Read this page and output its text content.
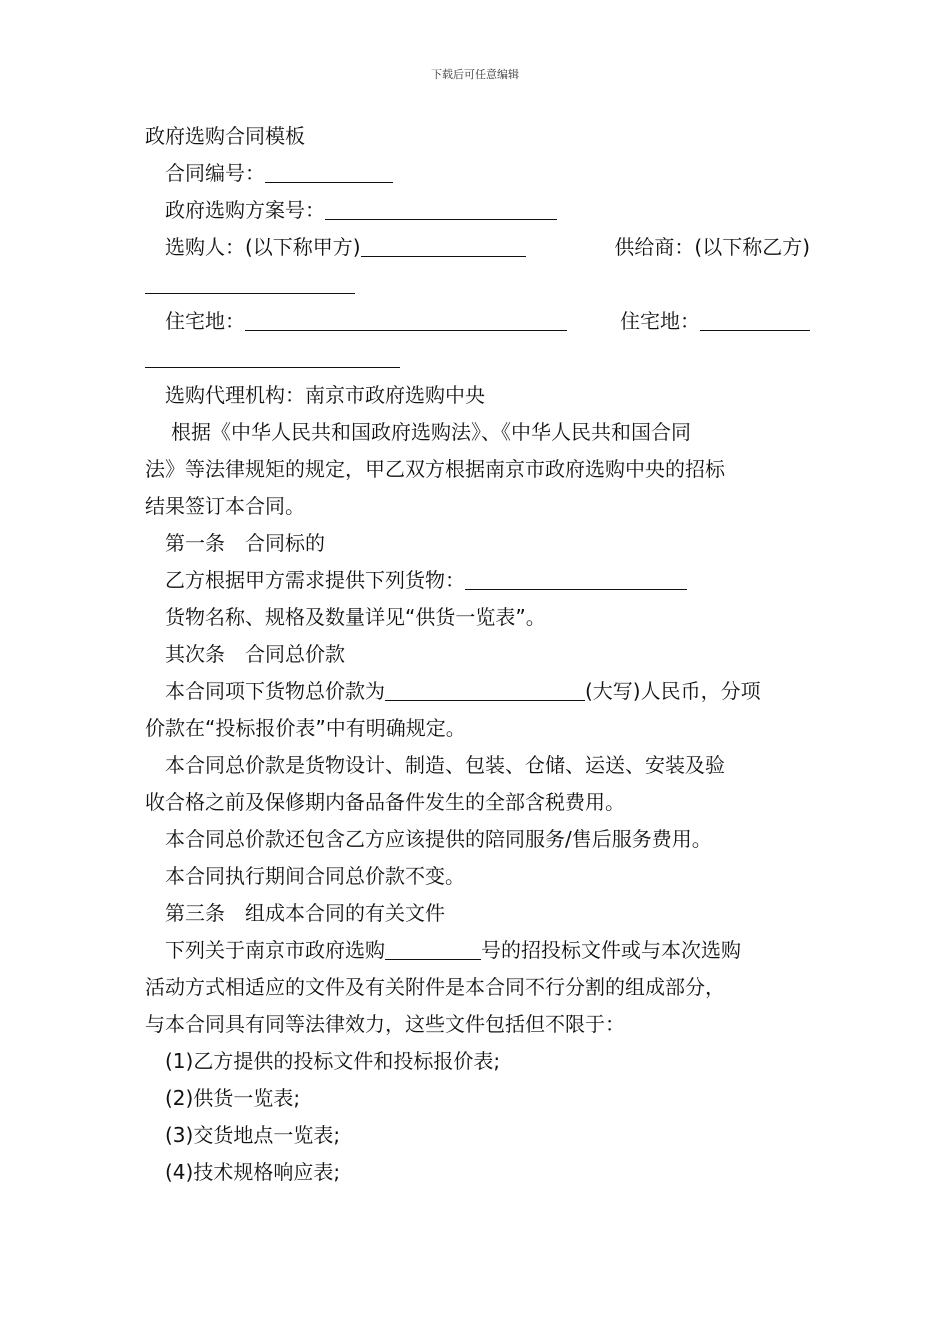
下载后可任意编辑
政府选购合同模板
合同编号：
政府选购方案号：
选购人：(以下称甲方)	供给商：(以下称乙方)
住宅地：	住宅地：
选购代理机构：南京市政府选购中央
根据《中华人民共和国政府选购法》、《中华人民共和国合同
法》等法律规矩的规定，甲乙双方根据南京市政府选购中央的招标
结果签订本合同。
第一条　合同标的
乙方根据甲方需求提供下列货物：
货物名称、规格及数量详见“供货一览表”。
其次条　合同总价款
本合同项下货物总价款为	(大写)人民币，分项
价款在“投标报价表”中有明确规定。
本合同总价款是货物设计、制造、包装、仓储、运送、安装及验
收合格之前及保修期内备品备件发生的全部含税费用。
本合同总价款还包含乙方应该提供的陪同服务/售后服务费用。
本合同执行期间合同总价款不变。
第三条　组成本合同的有关文件
下列关于南京市政府选购	号的招投标文件或与本次选购
活动方式相适应的文件及有关附件是本合同不行分割的组成部分，
与本合同具有同等法律效力，这些文件包括但不限于：
(1)乙方提供的投标文件和投标报价表;
(2)供货一览表;
(3)交货地点一览表;
(4)技术规格响应表;
